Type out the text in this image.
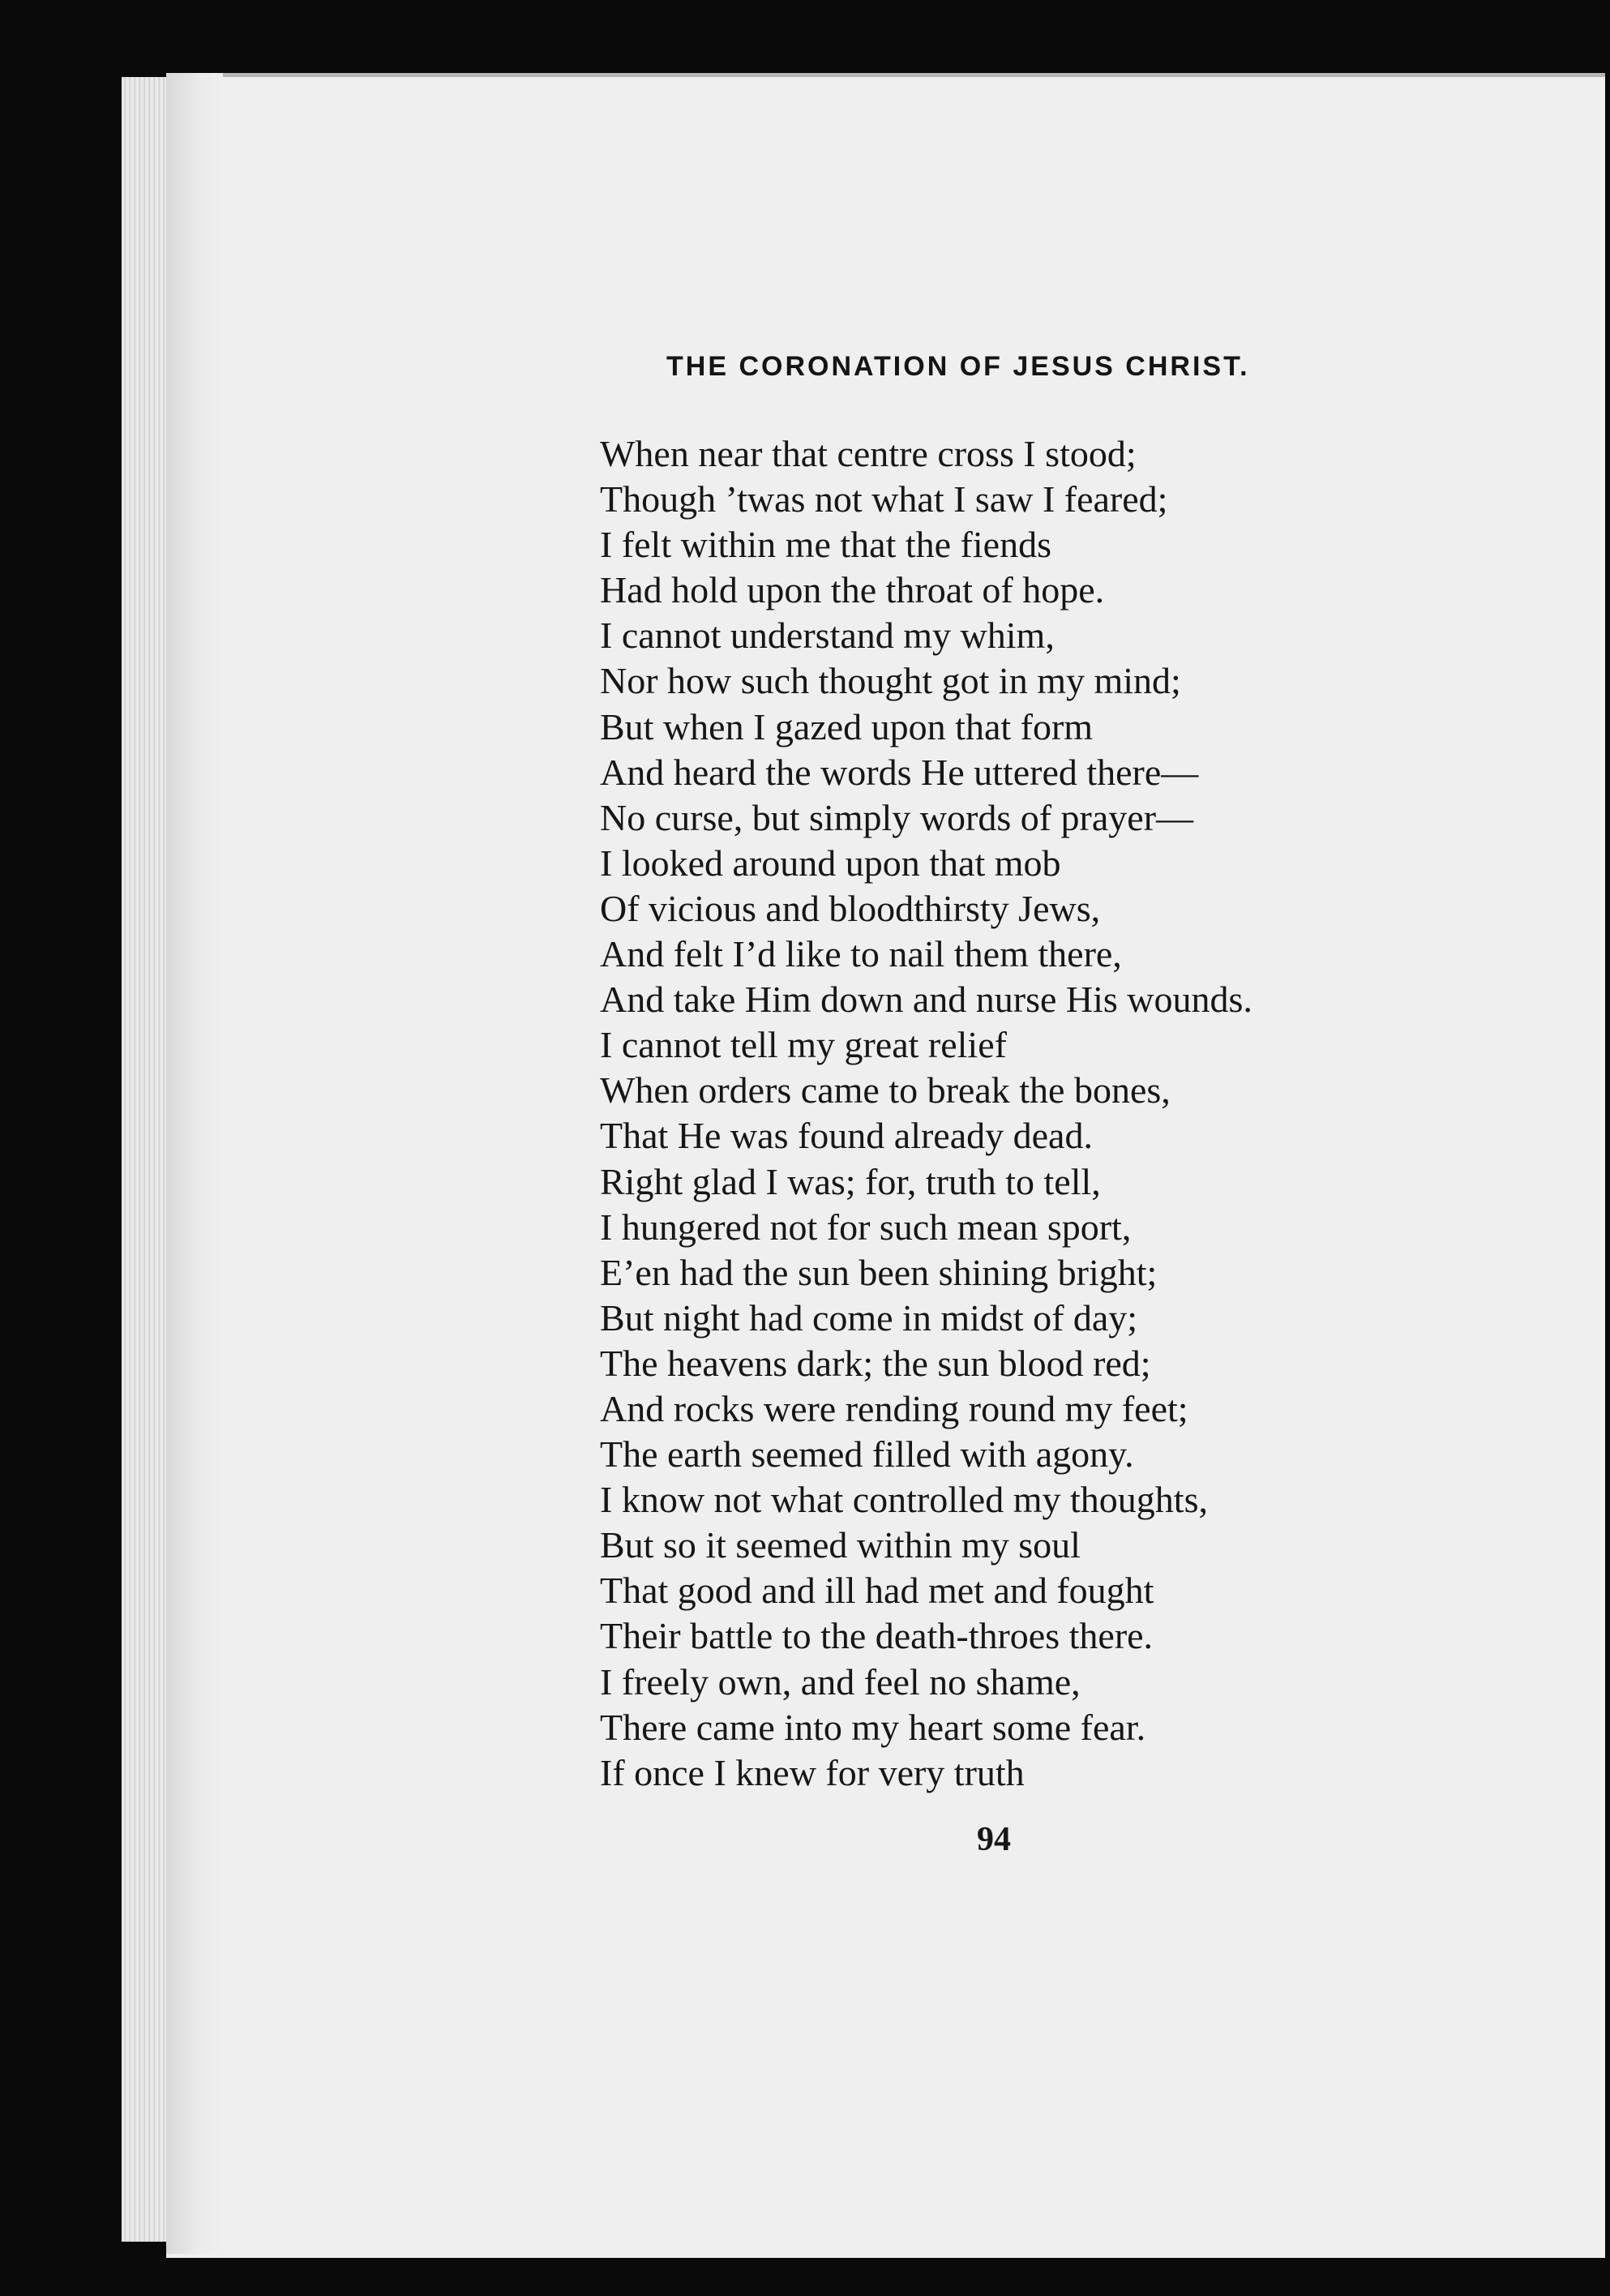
THE CORONATION OF JESUS CHRIST.
When near that centre cross I stood;
Though ’twas not what I saw I feared;
I felt within me that the fiends
Had hold upon the throat of hope.
I cannot understand my whim,
Nor how such thought got in my mind;
But when I gazed upon that form
And heard the words He uttered there—
No curse, but simply words of prayer—
I looked around upon that mob
Of vicious and bloodthirsty Jews,
And felt I’d like to nail them there,
And take Him down and nurse His wounds.
I cannot tell my great relief
When orders came to break the bones,
That He was found already dead.
Right glad I was; for, truth to tell,
I hungered not for such mean sport,
E’en had the sun been shining bright;
But night had come in midst of day;
The heavens dark; the sun blood red;
And rocks were rending round my feet;
The earth seemed filled with agony.
I know not what controlled my thoughts,
But so it seemed within my soul
That good and ill had met and fought
Their battle to the death-throes there.
I freely own, and feel no shame,
There came into my heart some fear.
If once I knew for very truth
94
